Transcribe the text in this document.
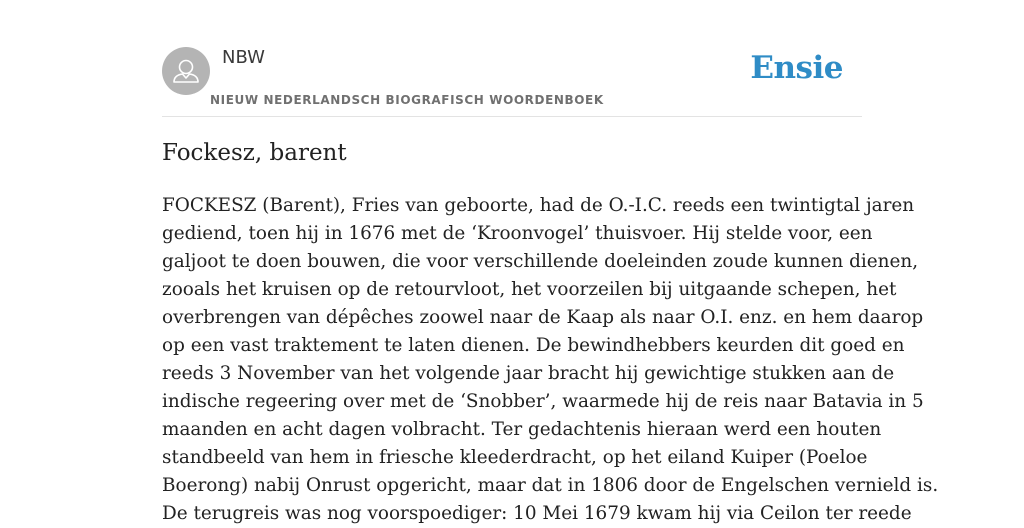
NBW
NIEUW NEDERLANDSCH BIOGRAFISCH WOORDENBOEK
Ensie
Fockesz, barent
FOCKESZ (Barent), Fries van geboorte, had de O.-I.C. reeds een twintigtal jaren
gediend, toen hij in 1676 met de ‘Kroonvogel’ thuisvoer. Hij stelde voor, een
galjoot te doen bouwen, die voor verschillende doeleinden zoude kunnen dienen,
zooals het kruisen op de retourvloot, het voorzeilen bij uitgaande schepen, het
overbrengen van dépêches zoowel naar de Kaap als naar O.I. enz. en hem daarop
op een vast traktement te laten dienen. De bewindhebbers keurden dit goed en
reeds 3 November van het volgende jaar bracht hij gewichtige stukken aan de
indische regeering over met de ‘Snobber’, waarmede hij de reis naar Batavia in 5
maanden en acht dagen volbracht. Ter gedachtenis hieraan werd een houten
standbeeld van hem in friesche kleederdracht, op het eiland Kuiper (Poeloe
Boerong) nabij Onrust opgericht, maar dat in 1806 door de Engelschen vernield is.
De terugreis was nog voorspoediger: 10 Mei 1679 kwam hij via Ceilon ter reede
